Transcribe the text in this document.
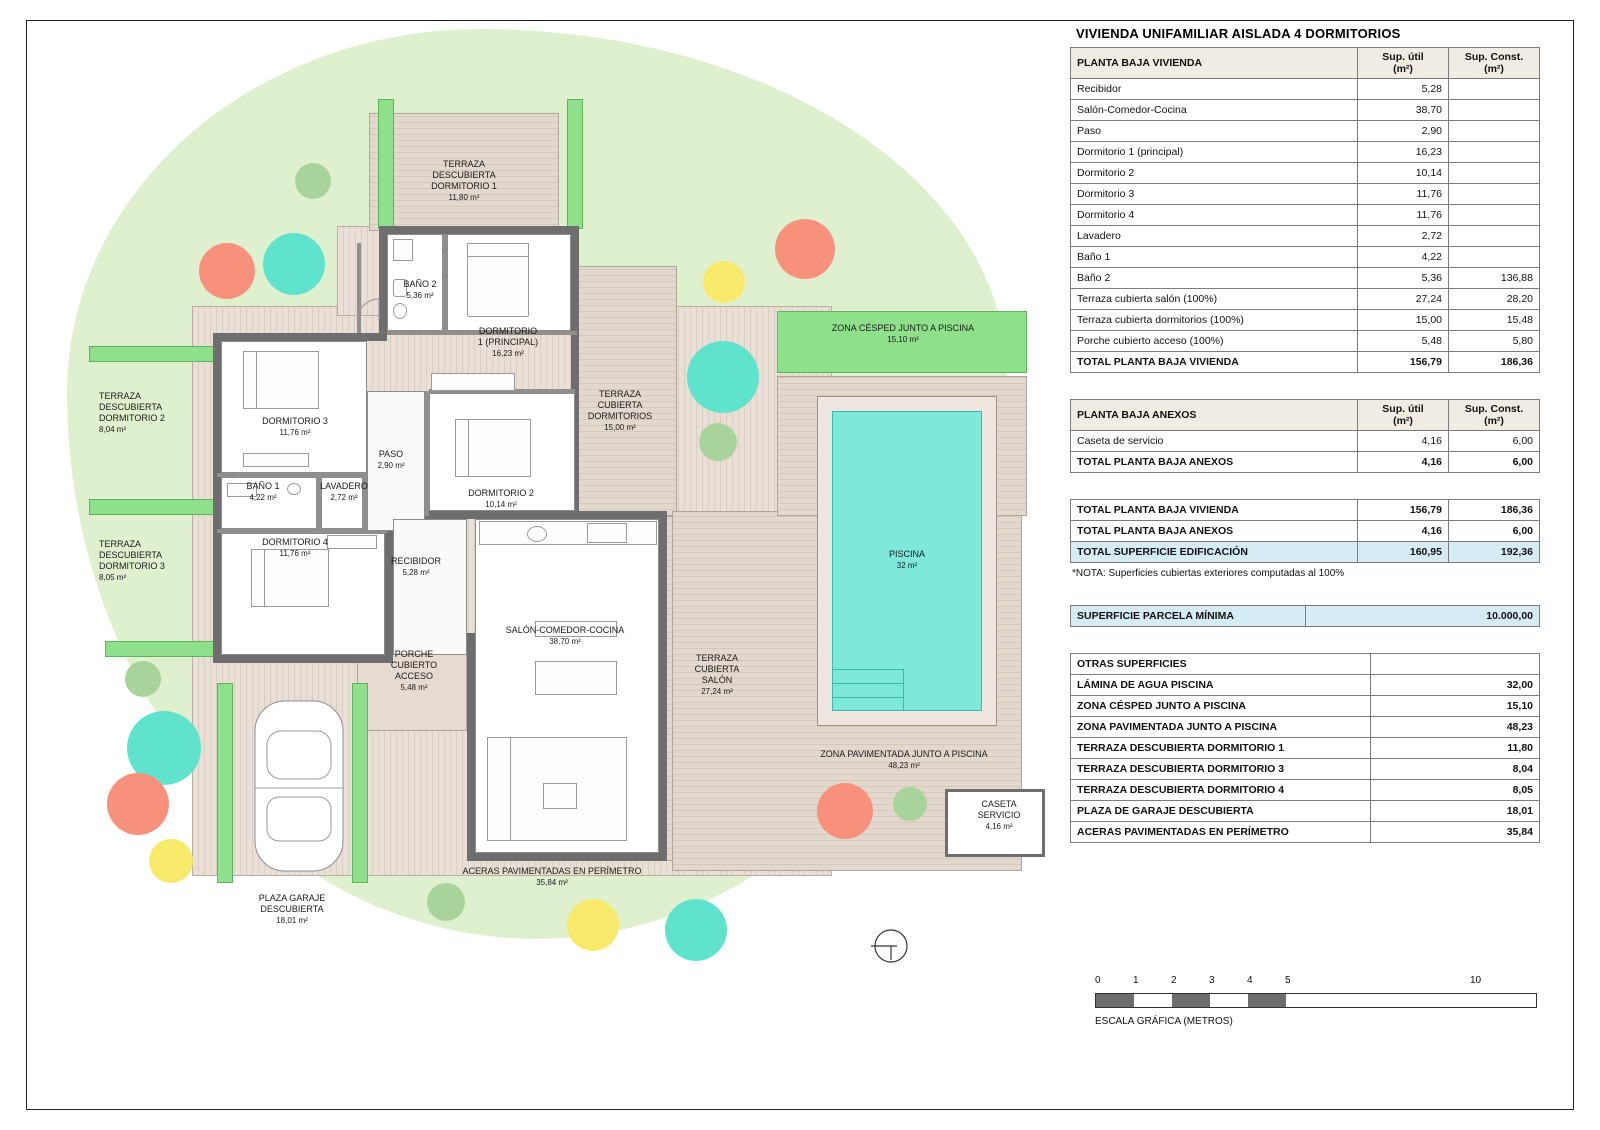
TERRAZA
DESCUBIERTA
DORMITORIO 1
11,80 m²
TERRAZA
DESCUBIERTA
DORMITORIO 2
8,04 m²
TERRAZA
DESCUBIERTA
DORMITORIO 3
8,05 m²
BAÑO 2
5,36 m²
DORMITORIO
1 (PRINCIPAL)
16,23 m²
DORMITORIO 3
11,76 m²
BAÑO 1
4,22 m²
LAVADERO
2,72 m²
PASO
2,90 m²
DORMITORIO 2
10,14 m²
DORMITORIO 4
11,76 m²
RECIBIDOR
5,28 m²
SALÓN-COMEDOR-COCINA
38,70 m²
TERRAZA
CUBIERTA
DORMITORIOS
15,00 m²
TERRAZA
CUBIERTA
SALÓN
27,24 m²
PORCHE
CUBIERTO
ACCESO
5,48 m²
ZONA CÉSPED JUNTO A PISCINA
15,10 m²
ZONA PAVIMENTADA JUNTO A PISCINA
48,23 m²
PISCINA
32 m²
CASETA
SERVICIO
4,16 m²
ACERAS PAVIMENTADAS EN PERÍMETRO
35,84 m²
PLAZA GARAJE
DESCUBIERTA
18,01 m²
VIVIENDA UNIFAMILIAR AISLADA 4 DORMITORIOS
PLANTA BAJA VIVIENDA	Sup. útil
(m²)

Sup. Const.
(m²)

Recibidor	5,28	
Salón-Comedor-Cocina	38,70	
Paso	2,90	
Dormitorio 1 (principal)	16,23	
Dormitorio 2	10,14	
Dormitorio 3	11,76	
Dormitorio 4	11,76	
Lavadero	2,72	
Baño 1	4,22	
Baño 2	5,36	136,88
Terraza cubierta salón (100%)	27,24	28,20
Terraza cubierta dormitorios (100%)	15,00	15,48
Porche cubierto acceso (100%)	5,48	5,80
TOTAL PLANTA BAJA VIVIENDA	156,79	186,36
PLANTA BAJA ANEXOS	Sup. útil
(m²)

Sup. Const.
(m²)

Caseta de servicio	4,16	6,00
TOTAL PLANTA BAJA ANEXOS	4,16	6,00
TOTAL PLANTA BAJA VIVIENDA	156,79	186,36
TOTAL PLANTA BAJA ANEXOS	4,16	6,00
TOTAL SUPERFICIE EDIFICACIÓN	160,95	192,36
*NOTA: Superficies cubiertas exteriores computadas al 100%
SUPERFICIE PARCELA MÍNIMA	10.000,00
OTRAS SUPERFICIES	
LÁMINA DE AGUA PISCINA	32,00
ZONA CÉSPED JUNTO A PISCINA	15,10
ZONA PAVIMENTADA JUNTO A PISCINA	48,23
TERRAZA DESCUBIERTA DORMITORIO 1	11,80
TERRAZA DESCUBIERTA DORMITORIO 3	8,04
TERRAZA DESCUBIERTA DORMITORIO 4	8,05
PLAZA DE GARAJE DESCUBIERTA	18,01
ACERAS PAVIMENTADAS EN PERÍMETRO	35,84
0	1	2	3	4	5	10
ESCALA GRÁFICA (METROS)
